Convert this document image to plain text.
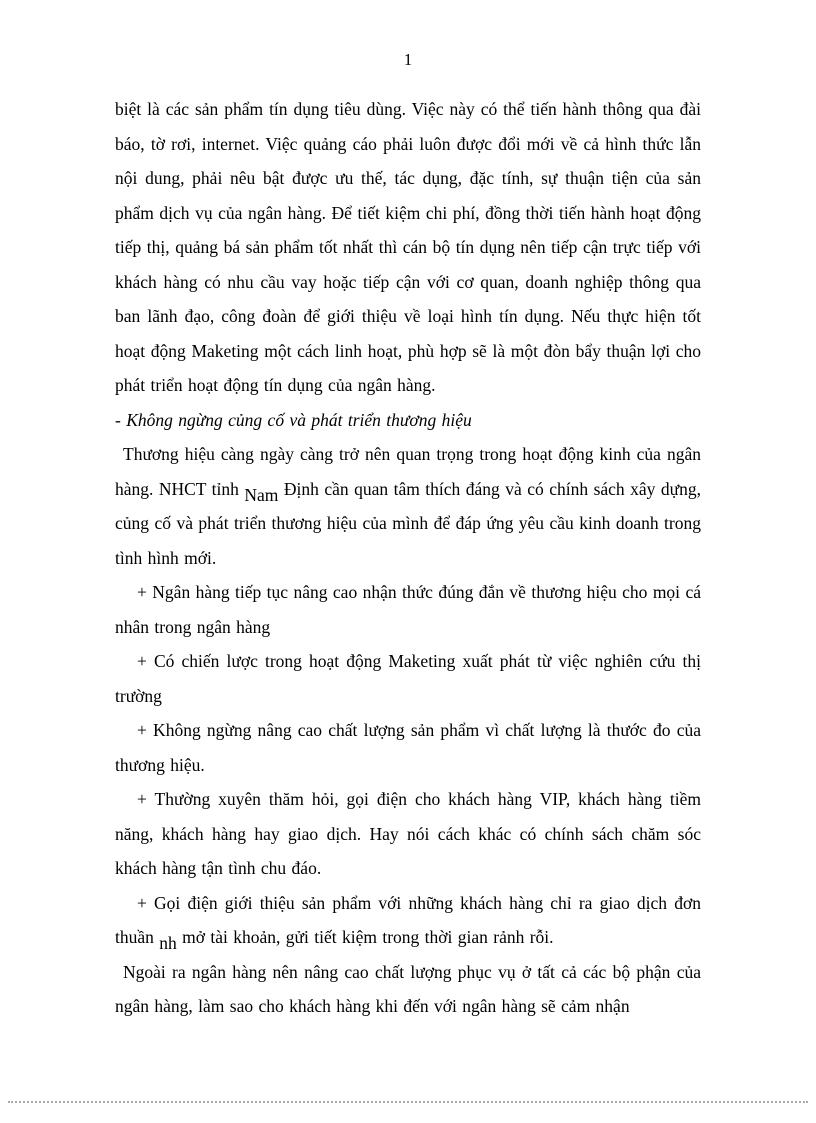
1

biệt là các sản phẩm tín dụng tiêu dùng. Việc này có thể tiến hành thông qua đài báo, tờ rơi, internet. Việc quảng cáo phải luôn được đổi mới về cả hình thức lẫn nội dung, phải nêu bật được ưu thế, tác dụng, đặc tính, sự thuận tiện của sản phẩm dịch vụ của ngân hàng. Để tiết kiệm chi phí, đồng thời tiến hành hoạt động tiếp thị, quảng bá sản phẩm tốt nhất thì cán bộ tín dụng nên tiếp cận trực tiếp với khách hàng có nhu cầu vay hoặc tiếp cận với cơ quan, doanh nghiệp thông qua ban lãnh đạo, công đoàn để giới thiệu về loại hình tín dụng. Nếu thực hiện tốt hoạt động Maketing một cách linh hoạt, phù hợp sẽ là một đòn bẩy thuận lợi cho phát triển hoạt động tín dụng của ngân hàng.

- Không ngừng củng cố và phát triển thương hiệu

Thương hiệu càng ngày càng trở nên quan trọng trong hoạt động kinh của ngân hàng. NHCT tỉnh Nam Định cần quan tâm thích đáng và có chính sách xây dựng, củng cố và phát triển thương hiệu của mình để đáp ứng yêu cầu kinh doanh trong tình hình mới.

+ Ngân hàng tiếp tục nâng cao nhận thức đúng đắn về thương hiệu cho mọi cá nhân trong ngân hàng

+ Có chiến lược trong hoạt động Maketing xuất phát từ việc nghiên cứu thị trường

+ Không ngừng nâng cao chất lượng sản phẩm vì chất lượng là thước đo của thương hiệu.

+ Thường xuyên thăm hỏi, gọi điện cho khách hàng VIP, khách hàng tiềm năng, khách hàng hay giao dịch. Hay nói cách khác có chính sách chăm sóc khách hàng tận tình chu đáo.

+ Gọi điện giới thiệu sản phẩm với những khách hàng chỉ ra giao dịch đơn thuần nh mở tài khoản, gửi tiết kiệm trong thời gian rảnh rỗi.

Ngoài ra ngân hàng nên nâng cao chất lượng phục vụ ở tất cả các bộ phận của ngân hàng, làm sao cho khách hàng khi đến với ngân hàng sẽ cảm nhận
